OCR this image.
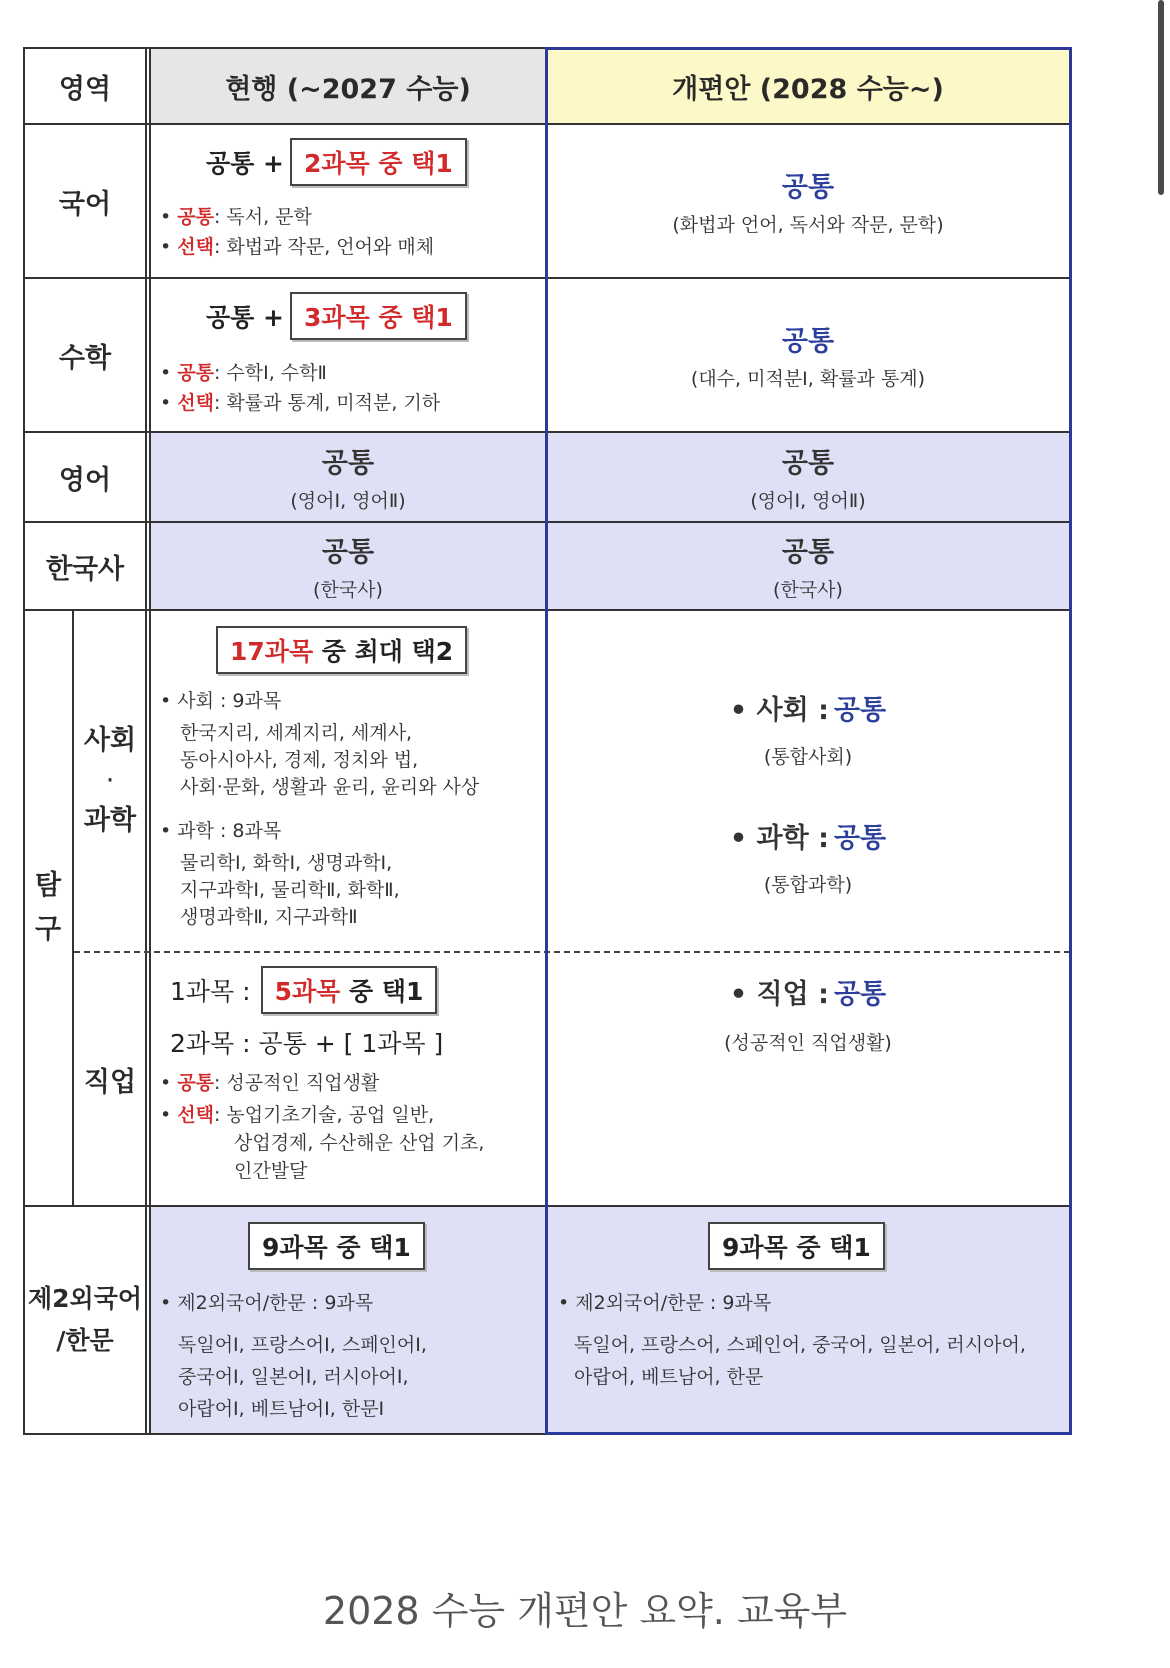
영역	현행 (~2027 수능)	개편안 (2028 수능~)
국어
공통 + 2과목 중 택1
• 공통: 독서, 문학
• 선택: 화법과 작문, 언어와 매체
공통
(화법과 언어, 독서와 작문, 문학)
수학
공통 + 3과목 중 택1
• 공통: 수학Ⅰ, 수학Ⅱ
• 선택: 확률과 통계, 미적분, 기하
공통
(대수, 미적분Ⅰ, 확률과 통계)
영어
공통
(영어Ⅰ, 영어Ⅱ)
공통
(영어Ⅰ, 영어Ⅱ)
한국사
공통
(한국사)
공통
(한국사)
탐
구
사회
·
과학
직업
17과목 중 최대 택2
• 사회 : 9과목
한국지리, 세계지리, 세계사,
동아시아사, 경제, 정치와 법,
사회·문화, 생활과 윤리, 윤리와 사상
• 과학 : 8과목
물리학Ⅰ, 화학Ⅰ, 생명과학Ⅰ,
지구과학Ⅰ, 물리학Ⅱ, 화학Ⅱ,
생명과학Ⅱ, 지구과학Ⅱ
• 사회 : 공통
(통합사회)
• 과학 : 공통
(통합과학)
1과목 : 5과목 중 택1
2과목 : 공통 + [ 1과목 ]
• 공통: 성공적인 직업생활
• 선택: 농업기초기술, 공업 일반,
상업경제, 수산해운 산업 기초,
인간발달
• 직업 : 공통
(성공적인 직업생활)
제2외국어
/한문
9과목 중 택1
• 제2외국어/한문 : 9과목
독일어Ⅰ, 프랑스어Ⅰ, 스페인어Ⅰ,
중국어Ⅰ, 일본어Ⅰ, 러시아어Ⅰ,
아랍어Ⅰ, 베트남어Ⅰ, 한문Ⅰ
9과목 중 택1
• 제2외국어/한문 : 9과목
독일어, 프랑스어, 스페인어, 중국어, 일본어, 러시아어,
아랍어, 베트남어, 한문
2028 수능 개편안 요약. 교육부
